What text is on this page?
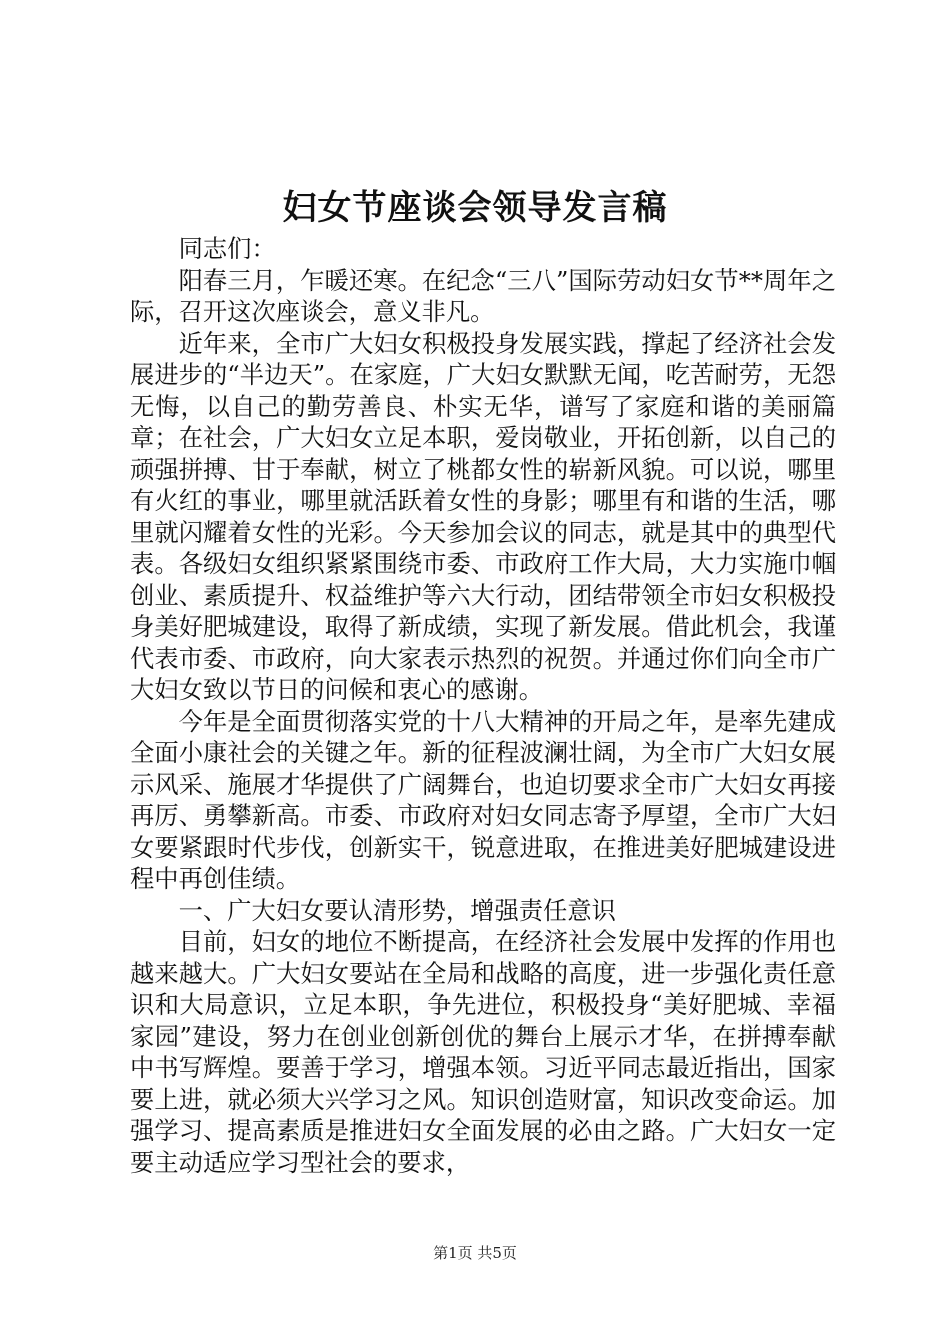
妇女节座谈会领导发言稿

同志们：

阳春三月，乍暖还寒。在纪念“三八”国际劳动妇女节**周年之际，召开这次座谈会，意义非凡。

近年来，全市广大妇女积极投身发展实践，撑起了经济社会发展进步的“半边天”。在家庭，广大妇女默默无闻，吃苦耐劳，无怨无悔，以自己的勤劳善良、朴实无华，谱写了家庭和谐的美丽篇章；在社会，广大妇女立足本职，爱岗敬业，开拓创新，以自己的顽强拼搏、甘于奉献，树立了桃都女性的崭新风貌。可以说，哪里有火红的事业，哪里就活跃着女性的身影；哪里有和谐的生活，哪里就闪耀着女性的光彩。今天参加会议的同志，就是其中的典型代表。各级妇女组织紧紧围绕市委、市政府工作大局，大力实施巾帼创业、素质提升、权益维护等六大行动，团结带领全市妇女积极投身美好肥城建设，取得了新成绩，实现了新发展。借此机会，我谨代表市委、市政府，向大家表示热烈的祝贺。并通过你们向全市广大妇女致以节日的问候和衷心的感谢。

今年是全面贯彻落实党的十八大精神的开局之年，是率先建成全面小康社会的关键之年。新的征程波澜壮阔，为全市广大妇女展示风采、施展才华提供了广阔舞台，也迫切要求全市广大妇女再接再厉、勇攀新高。市委、市政府对妇女同志寄予厚望，全市广大妇女要紧跟时代步伐，创新实干，锐意进取，在推进美好肥城建设进程中再创佳绩。

一、广大妇女要认清形势，增强责任意识

目前，妇女的地位不断提高，在经济社会发展中发挥的作用也越来越大。广大妇女要站在全局和战略的高度，进一步强化责任意识和大局意识，立足本职，争先进位，积极投身“美好肥城、幸福家园”建设，努力在创业创新创优的舞台上展示才华，在拼搏奉献中书写辉煌。要善于学习，增强本领。习近平同志最近指出，国家要上进，就必须大兴学习之风。知识创造财富，知识改变命运。加强学习、提高素质是推进妇女全面发展的必由之路。广大妇女一定要主动适应学习型社会的要求，

第1页 共5页
